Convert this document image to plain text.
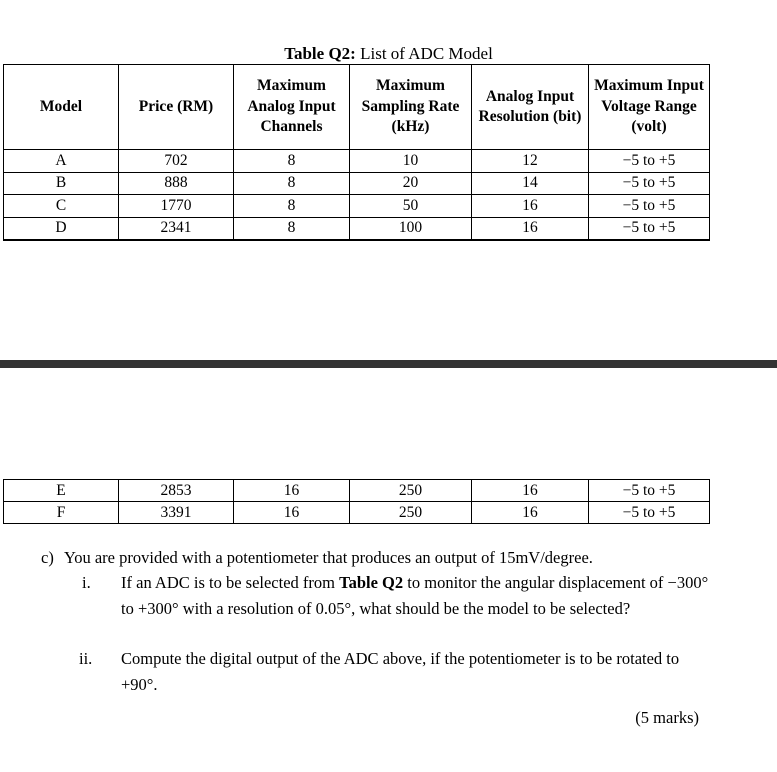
Table Q2: List of ADC Model
Model	Price (RM)	Maximum Analog Input Channels	Maximum Sampling Rate (kHz)	Analog Input Resolution (bit)	Maximum Input Voltage Range (volt)
A	702	8	10	12	−5 to +5
B	888	8	20	14	−5 to +5
C	1770	8	50	16	−5 to +5
D	2341	8	100	16	−5 to +5
E	2853	16	250	16	−5 to +5
F	3391	16	250	16	−5 to +5
c) You are provided with a potentiometer that produces an output of 15mV/degree.
i. If an ADC is to be selected from Table Q2 to monitor the angular displacement of −300° to +300° with a resolution of 0.05°, what should be the model to be selected?
ii. Compute the digital output of the ADC above, if the potentiometer is to be rotated to +90°.
(5 marks)
